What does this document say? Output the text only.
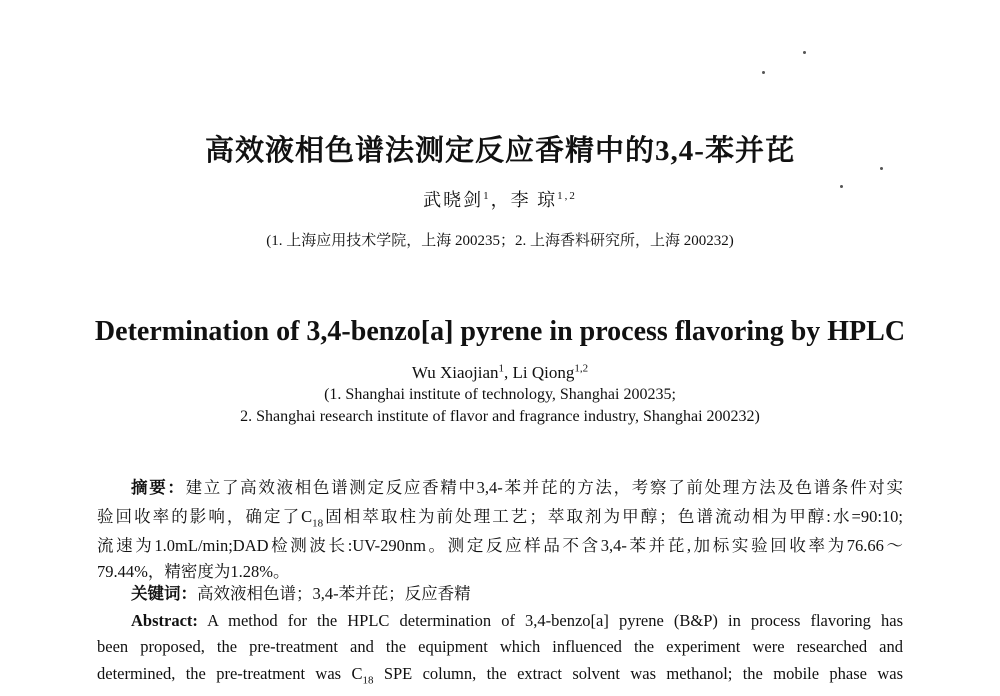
高效液相色谱法测定反应香精中的3,4-苯并芘
武晓剑$^1$，李 琼$^{1,2}$
(1. 上海应用技术学院，上海 200235；2. 上海香料研究所，上海 200232)
Determination of 3,4-benzo[a] pyrene in process flavoring by HPLC
Wu Xiaojian$^1$, Li Qiong$^{1,2}$
(1. Shanghai institute of technology, Shanghai 200235;
2. Shanghai research institute of flavor and fragrance industry, Shanghai 200232)
摘要：建立了高效液相色谱测定反应香精中3,4-苯并芘的方法，考察了前处理方法及色谱条件对实
验回收率的影响，确定了$C_{18}$固相萃取柱为前处理工艺；萃取剂为甲醇；色谱流动相为甲醇:水=90:10;
流速为1.0mL/min;DAD检测波长:UV-290nm。测定反应样品不含3,4-苯并芘,加标实验回收率为76.66～
79.44%，精密度为1.28%。
关键词：高效液相色谱；3,4-苯并芘；反应香精
Abstract: A method for the HPLC determination of 3,4-benzo[a] pyrene (B&P) in process flavoring has
been proposed, the pre-treatment and the equipment which influenced the experiment were researched and
determined, the pre-treatment was $C_{18}$ SPE column, the extract solvent was methanol; the mobile phase was
